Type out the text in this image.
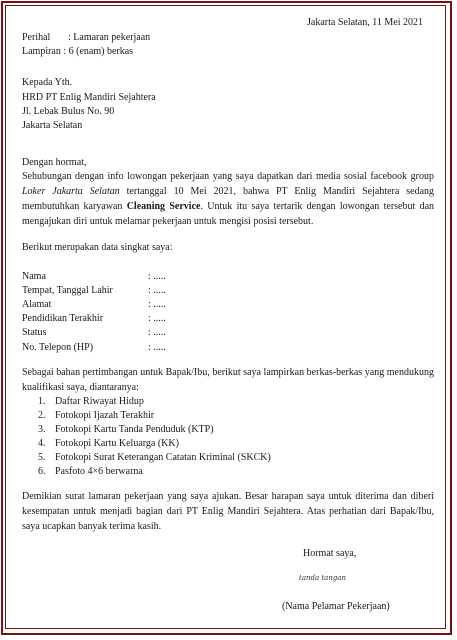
Jakarta Selatan, 11 Mei 2021
Perihal : Lamaran pekerjaan
Lampiran : 6 (enam) berkas
Kepada Yth.
HRD PT Enlig Mandiri Sejahtera
Jl. Lebak Bulus No. 90
Jakarta Selatan
Dengan hormat,
Sehubungan dengan info lowongan pekerjaan yang saya dapatkan dari media sosial facebook group Loker Jakarta Selatan tertanggal 10 Mei 2021, bahwa PT Enlig Mandiri Sejahtera sedang membutuhkan karyawan Cleaning Service. Untuk itu saya tertarik dengan lowongan tersebut dan mengajukan diri untuk melamar pekerjaan untuk mengisi posisi tersebut.
Berikut merupakan data singkat saya:
Nama	: .....
Tempat, Tanggal Lahir	: .....
Alamat	: .....
Pendidikan Terakhir	: .....
Status	: .....
No. Telepon (HP)	: .....
Sebagai bahan pertimbangan untuk Bapak/Ibu, berikut saya lampirkan berkas-berkas yang mendukung kualifikasi saya, diantaranya:
1. Daftar Riwayat Hidup
2. Fotokopi Ijazah Terakhir
3. Fotokopi Kartu Tanda Penduduk (KTP)
4. Fotokopi Kartu Keluarga (KK)
5. Fotokopi Surat Keterangan Catatan Kriminal (SKCK)
6. Pasfoto 4×6 berwarna
Demikian surat lamaran pekerjaan yang saya ajukan. Besar harapan saya untuk diterima dan diberi kesempatan untuk menjadi bagian dari PT Enlig Mandiri Sejahtera. Atas perhatian dari Bapak/Ibu, saya ucapkan banyak terima kasih.
Hormat saya,
tanda tangan
(Nama Pelamar Pekerjaan)
